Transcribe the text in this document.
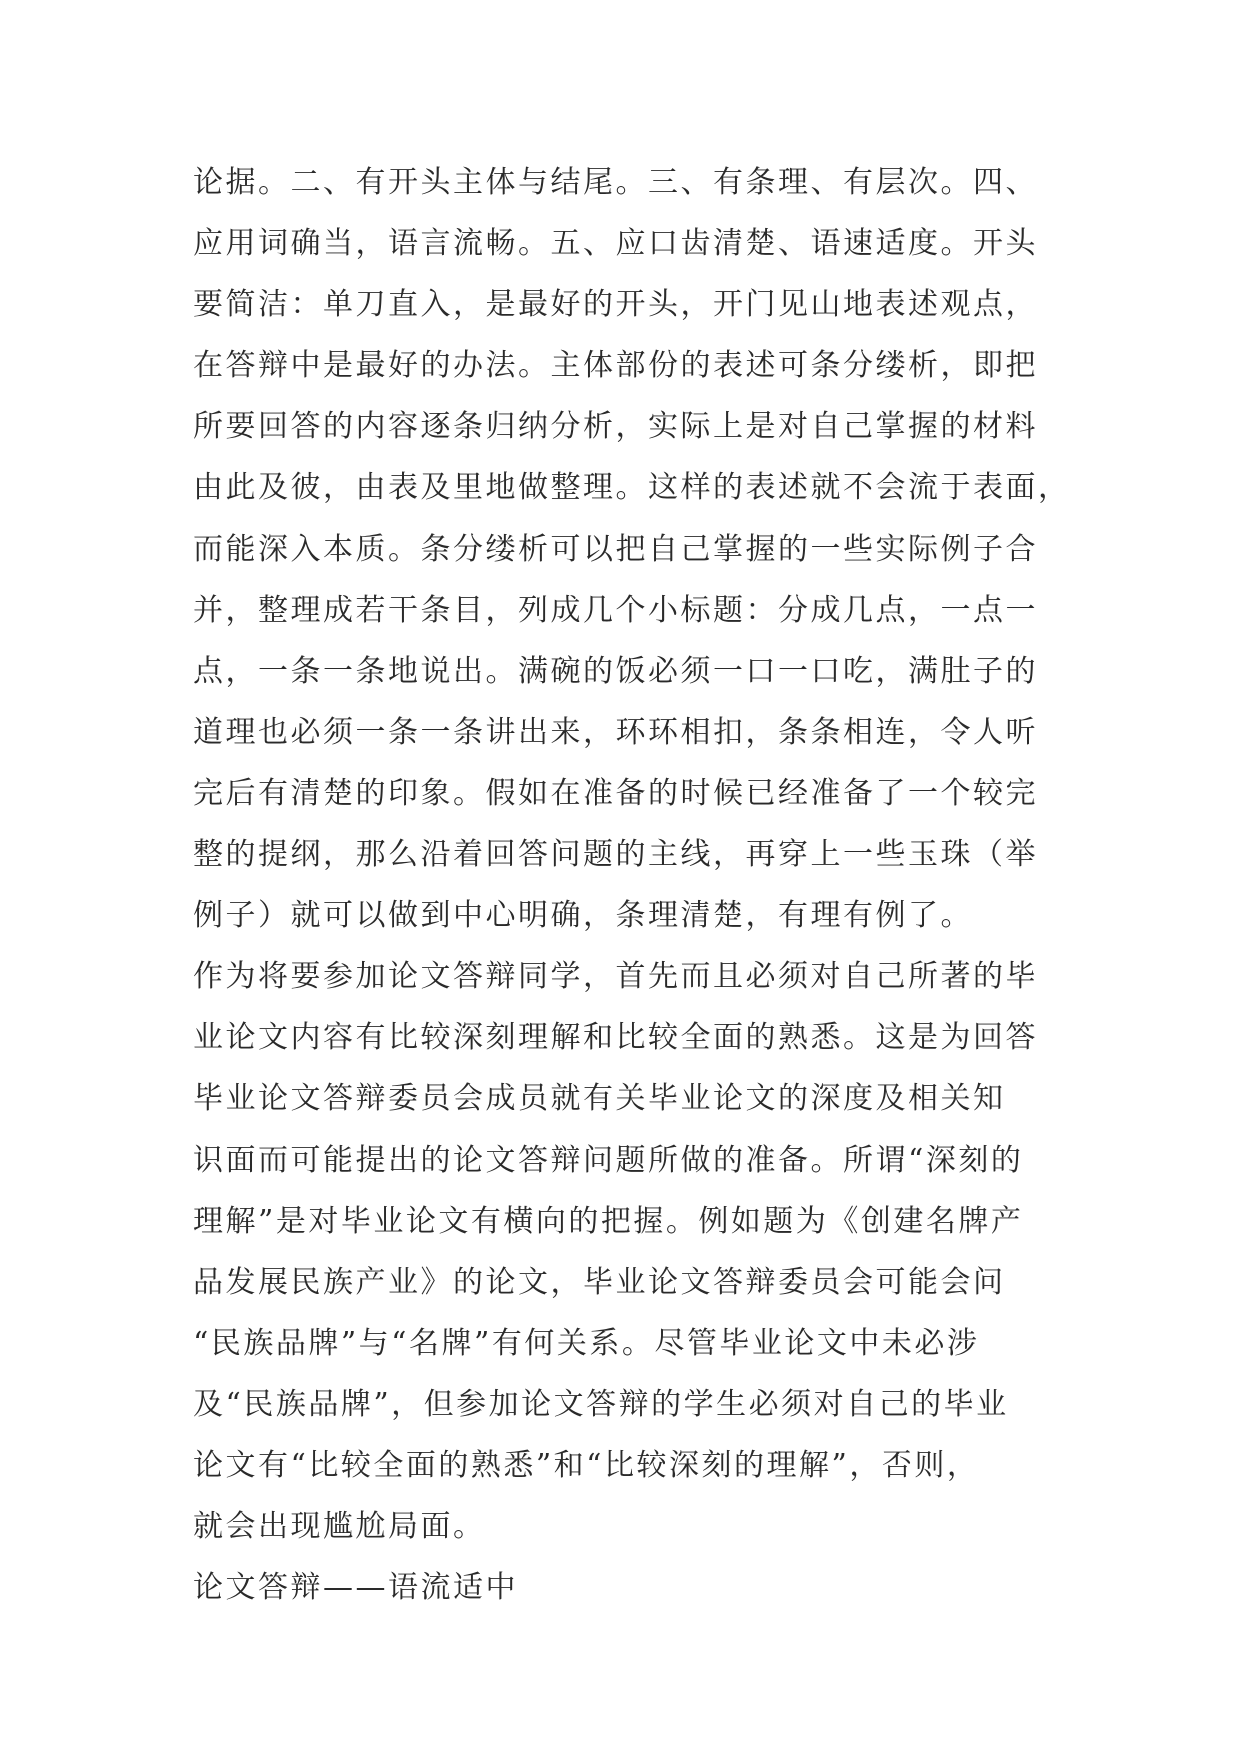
论据。二、有开头主体与结尾。三、有条理、有层次。四、
应用词确当，语言流畅。五、应口齿清楚、语速适度。开头
要简洁：单刀直入，是最好的开头，开门见山地表述观点，
在答辩中是最好的办法。主体部份的表述可条分缕析，即把
所要回答的内容逐条归纳分析，实际上是对自己掌握的材料
由此及彼，由表及里地做整理。这样的表述就不会流于表面，
而能深入本质。条分缕析可以把自己掌握的一些实际例子合
并，整理成若干条目，列成几个小标题：分成几点，一点一
点，一条一条地说出。满碗的饭必须一口一口吃，满肚子的
道理也必须一条一条讲出来，环环相扣，条条相连，令人听
完后有清楚的印象。假如在准备的时候已经准备了一个较完
整的提纲，那么沿着回答问题的主线，再穿上一些玉珠（举
例子）就可以做到中心明确，条理清楚，有理有例了。
作为将要参加论文答辩同学，首先而且必须对自己所著的毕
业论文内容有比较深刻理解和比较全面的熟悉。这是为回答
毕业论文答辩委员会成员就有关毕业论文的深度及相关知
识面而可能提出的论文答辩问题所做的准备。所谓“深刻的
理解”是对毕业论文有横向的把握。例如题为《创建名牌产
品发展民族产业》的论文，毕业论文答辩委员会可能会问
“民族品牌”与“名牌”有何关系。尽管毕业论文中未必涉
及“民族品牌”，但参加论文答辩的学生必须对自己的毕业
论文有“比较全面的熟悉”和“比较深刻的理解”，否则，
就会出现尴尬局面。
论文答辩——语流适中
